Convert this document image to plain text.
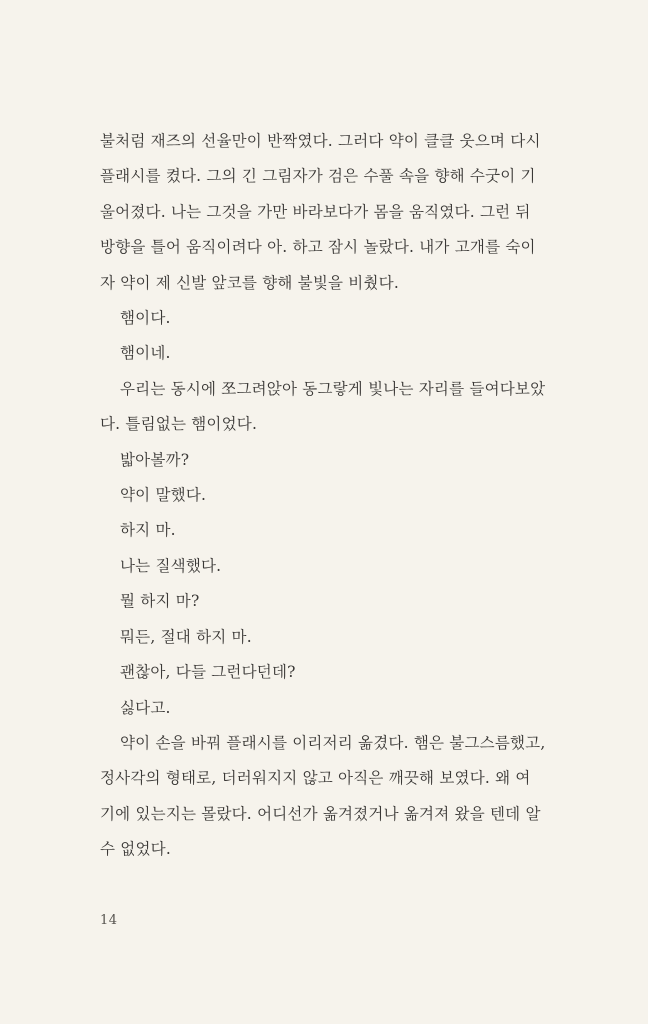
불처럼 재즈의 선율만이 반짝였다. 그러다 약이 클클 웃으며 다시

플래시를 켰다. 그의 긴 그림자가 검은 수풀 속을 향해 수굿이 기

울어졌다. 나는 그것을 가만 바라보다가 몸을 움직였다. 그런 뒤

방향을 틀어 움직이려다 아. 하고 잠시 놀랐다. 내가 고개를 숙이

자 약이 제 신발 앞코를 향해 불빛을 비췄다.

햄이다.

햄이네.

우리는 동시에 쪼그려앉아 동그랗게 빛나는 자리를 들여다보았

다. 틀림없는 햄이었다.

밟아볼까?

약이 말했다.

하지 마.

나는 질색했다.

뭘 하지 마?

뭐든, 절대 하지 마.

괜찮아, 다들 그런다던데?

싫다고.

약이 손을 바꿔 플래시를 이리저리 옮겼다. 햄은 불그스름했고,

정사각의 형태로, 더러워지지 않고 아직은 깨끗해 보였다. 왜 여

기에 있는지는 몰랐다. 어디선가 옮겨졌거나 옮겨져 왔을 텐데 알

수 없었다.

14
